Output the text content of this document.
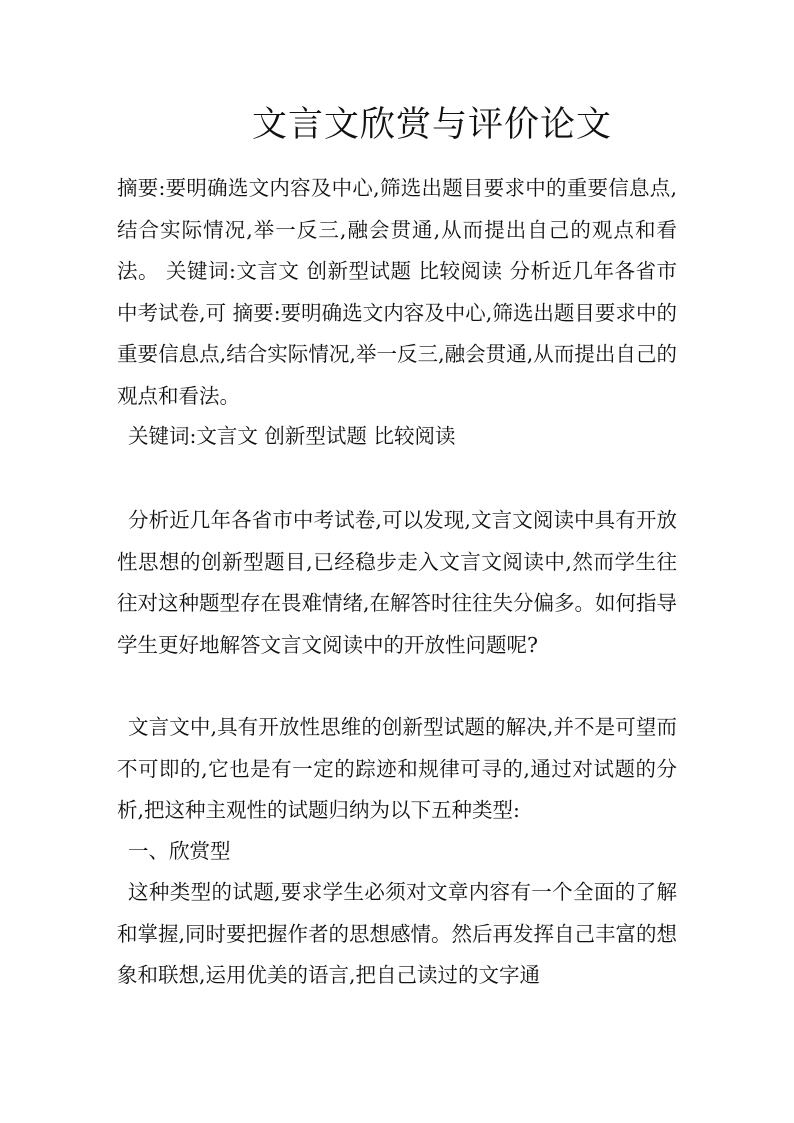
文言文欣赏与评价论文
摘要:要明确选文内容及中心,筛选出题目要求中的重要信息点,结合实际情况,举一反三,融会贯通,从而提出自己的观点和看法。 关键词:文言文 创新型试题 比较阅读 分析近几年各省市中考试卷,可 摘要:要明确选文内容及中心,筛选出题目要求中的重要信息点,结合实际情况,举一反三,融会贯通,从而提出自己的观点和看法。
关键词:文言文 创新型试题 比较阅读
分析近几年各省市中考试卷,可以发现,文言文阅读中具有开放性思想的创新型题目,已经稳步走入文言文阅读中,然而学生往往对这种题型存在畏难情绪,在解答时往往失分偏多。如何指导学生更好地解答文言文阅读中的开放性问题呢?
文言文中,具有开放性思维的创新型试题的解决,并不是可望而不可即的,它也是有一定的踪迹和规律可寻的,通过对试题的分析,把这种主观性的试题归纳为以下五种类型:
一、欣赏型
这种类型的试题,要求学生必须对文章内容有一个全面的了解和掌握,同时要把握作者的思想感情。然后再发挥自己丰富的想象和联想,运用优美的语言,把自己读过的文字通
